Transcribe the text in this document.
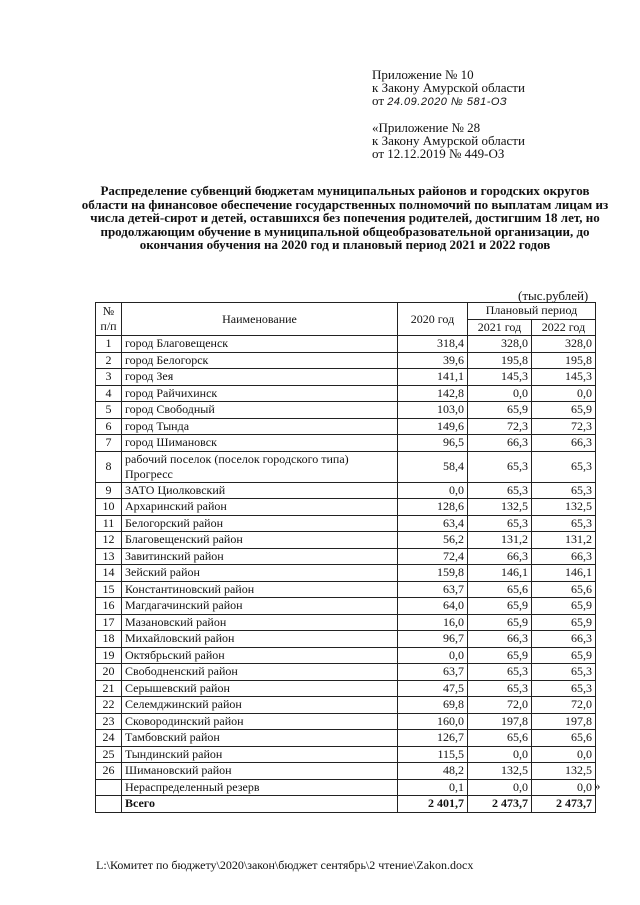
Приложение № 10
к Закону Амурской области
от 24.09.2020 № 581-ОЗ
«Приложение № 28
к Закону Амурской области
от 12.12.2019 № 449-ОЗ
Распределение субвенций бюджетам муниципальных районов и городских округов области на финансовое обеспечение государственных полномочий по выплатам лицам из числа детей-сирот и детей, оставшихся без попечения родителей, достигшим 18 лет, но продолжающим обучение в муниципальной общеобразовательной организации, до окончания обучения на 2020 год и плановый период 2021 и 2022 годов
(тыс.рублей)
№ п/п	Наименование	2020 год	Плановый период	
			2021 год	2022 год
1	город Благовещенск	318,4	328,0	328,0
2	город Белогорск	39,6	195,8	195,8
3	город Зея	141,1	145,3	145,3
4	город Райчихинск	142,8	0,0	0,0
5	город Свободный	103,0	65,9	65,9
6	город Тында	149,6	72,3	72,3
7	город Шимановск	96,5	66,3	66,3
8	рабочий поселок (поселок городского типа) Прогресс	58,4	65,3	65,3
9	ЗАТО Циолковский	0,0	65,3	65,3
10	Архаринский район	128,6	132,5	132,5
11	Белогорский район	63,4	65,3	65,3
12	Благовещенский район	56,2	131,2	131,2
13	Завитинский район	72,4	66,3	66,3
14	Зейский район	159,8	146,1	146,1
15	Константиновский район	63,7	65,6	65,6
16	Магдагачинский район	64,0	65,9	65,9
17	Мазановский район	16,0	65,9	65,9
18	Михайловский район	96,7	66,3	66,3
19	Октябрьский район	0,0	65,9	65,9
20	Свободненский район	63,7	65,3	65,3
21	Серышевский район	47,5	65,3	65,3
22	Селемджинский район	69,8	72,0	72,0
23	Сковородинский район	160,0	197,8	197,8
24	Тамбовский район	126,7	65,6	65,6
25	Тындинский район	115,5	0,0	0,0
26	Шимановский район	48,2	132,5	132,5
	Нераспределенный резерв	0,1	0,0	0,0
	Всего	2 401,7	2 473,7	2 473,7
»
L:\Комитет по бюджету\2020\закон\бюджет сентябрь\2 чтение\Zakon.docx
